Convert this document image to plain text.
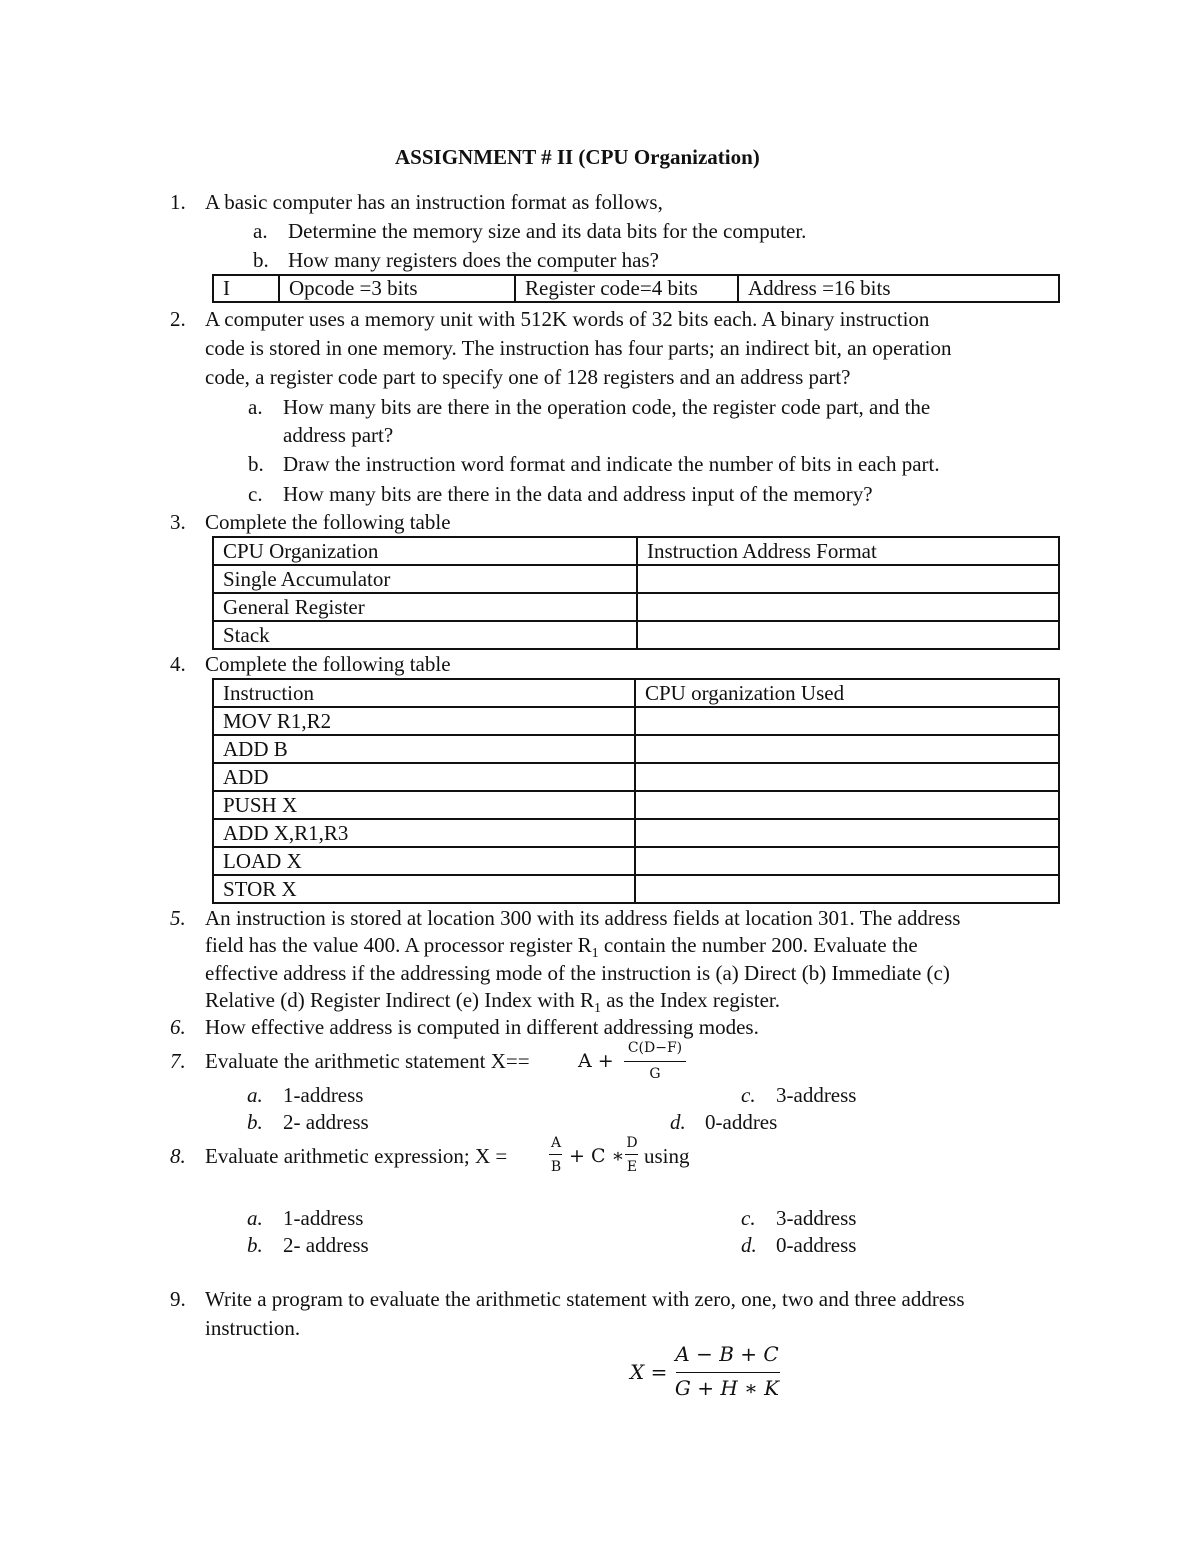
ASSIGNMENT # II (CPU Organization)
1. A basic computer has an instruction format as follows,
a. Determine the memory size and its data bits for the computer.
b. How many registers does the computer has?
I	Opcode =3 bits	Register code=4 bits	Address =16 bits
2. A computer uses a memory unit with 512K words of 32 bits each. A binary instruction
code is stored in one memory. The instruction has four parts; an indirect bit, an operation
code, a register code part to specify one of 128 registers and an address part?
a. How many bits are there in the operation code, the register code part, and the
address part?
b. Draw the instruction word format and indicate the number of bits in each part.
c. How many bits are there in the data and address input of the memory?
3. Complete the following table
CPU Organization	Instruction Address Format
Single Accumulator	
General Register	
Stack	
4. Complete the following table
Instruction	CPU organization Used
MOV R1,R2	
ADD B	
ADD	
PUSH X	
ADD X,R1,R3	
LOAD X	
STOR X	
5. An instruction is stored at location 300 with its address fields at location 301. The address
field has the value 400. A processor register $R_1$ contain the number 200. Evaluate the
effective address if the addressing mode of the instruction is (a) Direct (b) Immediate (c)
Relative (d) Register Indirect (e) Index with $R_1$ as the Index register.
6. How effective address is computed in different addressing modes.
7. Evaluate the arithmetic statement X==	A +
C(D−F)
G
a. 1-address
b. 2- address
c. 3-address
d. 0-addres
8. Evaluate arithmetic expression; X =
A
B + C ∗
D
E using
a. 1-address
b. 2- address
c. 3-address
d. 0-address
9. Write a program to evaluate the arithmetic statement with zero, one, two and three address
instruction.
X =
A − B + C
G + H ∗ K
